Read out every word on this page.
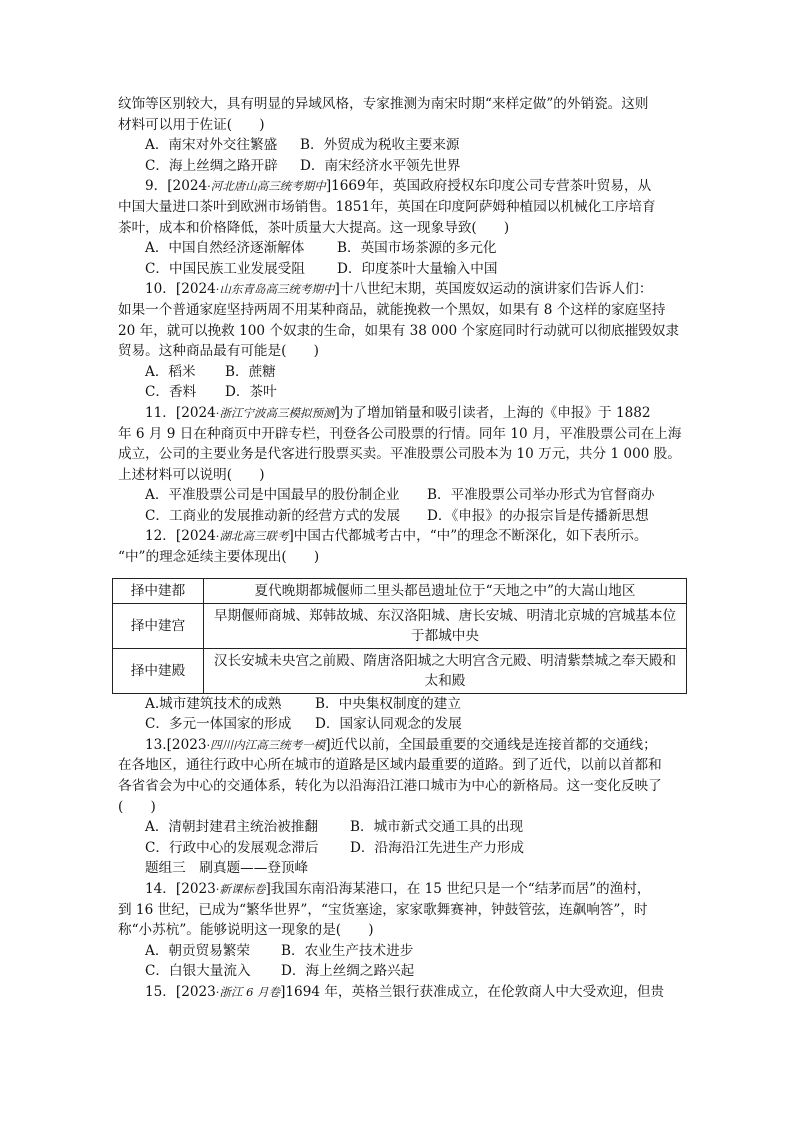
纹饰等区别较大，具有明显的异域风格，专家推测为南宋时期“来样定做”的外销瓷。这则
材料可以用于佐证(　　)
A．南宋对外交往繁盛	B．外贸成为税收主要来源
C．海上丝绸之路开辟	D．南宋经济水平领先世界
9．[2024·河北唐山高三统考期中]1669年，英国政府授权东印度公司专营茶叶贸易，从
中国大量进口茶叶到欧洲市场销售。1851年，英国在印度阿萨姆种植园以机械化工序培育
茶叶，成本和价格降低，茶叶质量大大提高。这一现象导致(　　)
A．中国自然经济逐渐解体	B．英国市场茶源的多元化
C．中国民族工业发展受阻	D．印度茶叶大量输入中国
10．[2024·山东青岛高三统考期中]十八世纪末期，英国废奴运动的演讲家们告诉人们：
如果一个普通家庭坚持两周不用某种商品，就能挽救一个黑奴，如果有 8 个这样的家庭坚持
20 年，就可以挽救 100 个奴隶的生命，如果有 38 000 个家庭同时行动就可以彻底摧毁奴隶
贸易。这种商品最有可能是(　　)
A．稻米	B．蔗糖
C．香料	D．茶叶
11．[2024·浙江宁波高三模拟预测]为了增加销量和吸引读者，上海的《申报》于 1882
年 6 月 9 日在种商页中开辟专栏，刊登各公司股票的行情。同年 10 月，平准股票公司在上海
成立，公司的主要业务是代客进行股票买卖。平准股票公司股本为 10 万元，共分 1 000 股。
上述材料可以说明(　　)
A．平准股票公司是中国最早的股份制企业	B．平准股票公司举办形式为官督商办
C．工商业的发展推动新的经营方式的发展	D．《申报》的办报宗旨是传播新思想
12．[2024·湖北高三联考]中国古代都城考古中，“中”的理念不断深化，如下表所示。
“中”的理念延续主要体现出(　　)
择中建都	夏代晚期都城偃师二里头都邑遗址位于“天地之中”的大嵩山地区
择中建宫	早期偃师商城、郑韩故城、东汉洛阳城、唐长安城、明清北京城的宫城基本位
于都城中央

择中建殿	汉长安城未央宫之前殿、隋唐洛阳城之大明宫含元殿、明清紫禁城之奉天殿和
太和殿
A.城市建筑技术的成熟	B．中央集权制度的建立
C．多元一体国家的形成	D．国家认同观念的发展
13.[2023·四川内江高三统考一模]近代以前，全国最重要的交通线是连接首都的交通线；
在各地区，通往行政中心所在城市的道路是区域内最重要的道路。到了近代，以前以首都和
各省省会为中心的交通体系，转化为以沿海沿江港口城市为中心的新格局。这一变化反映了
(　　)
A．清朝封建君主统治被推翻	B．城市新式交通工具的出现
C．行政中心的发展观念滞后	D．沿海沿江先进生产力形成
题组三　刷真题——登顶峰
14．[2023·新课标卷]我国东南沿海某港口，在 15 世纪只是一个“结茅而居”的渔村，
到 16 世纪，已成为“繁华世界”，“宝货塞途，家家歌舞赛神，钟鼓管弦，连飙响答”，时
称“小苏杭”。能够说明这一现象的是(　　)
A．朝贡贸易繁荣	B．农业生产技术进步
C．白银大量流入	D．海上丝绸之路兴起
15．[2023·浙江 6 月卷]1694 年，英格兰银行获准成立，在伦敦商人中大受欢迎，但贵
